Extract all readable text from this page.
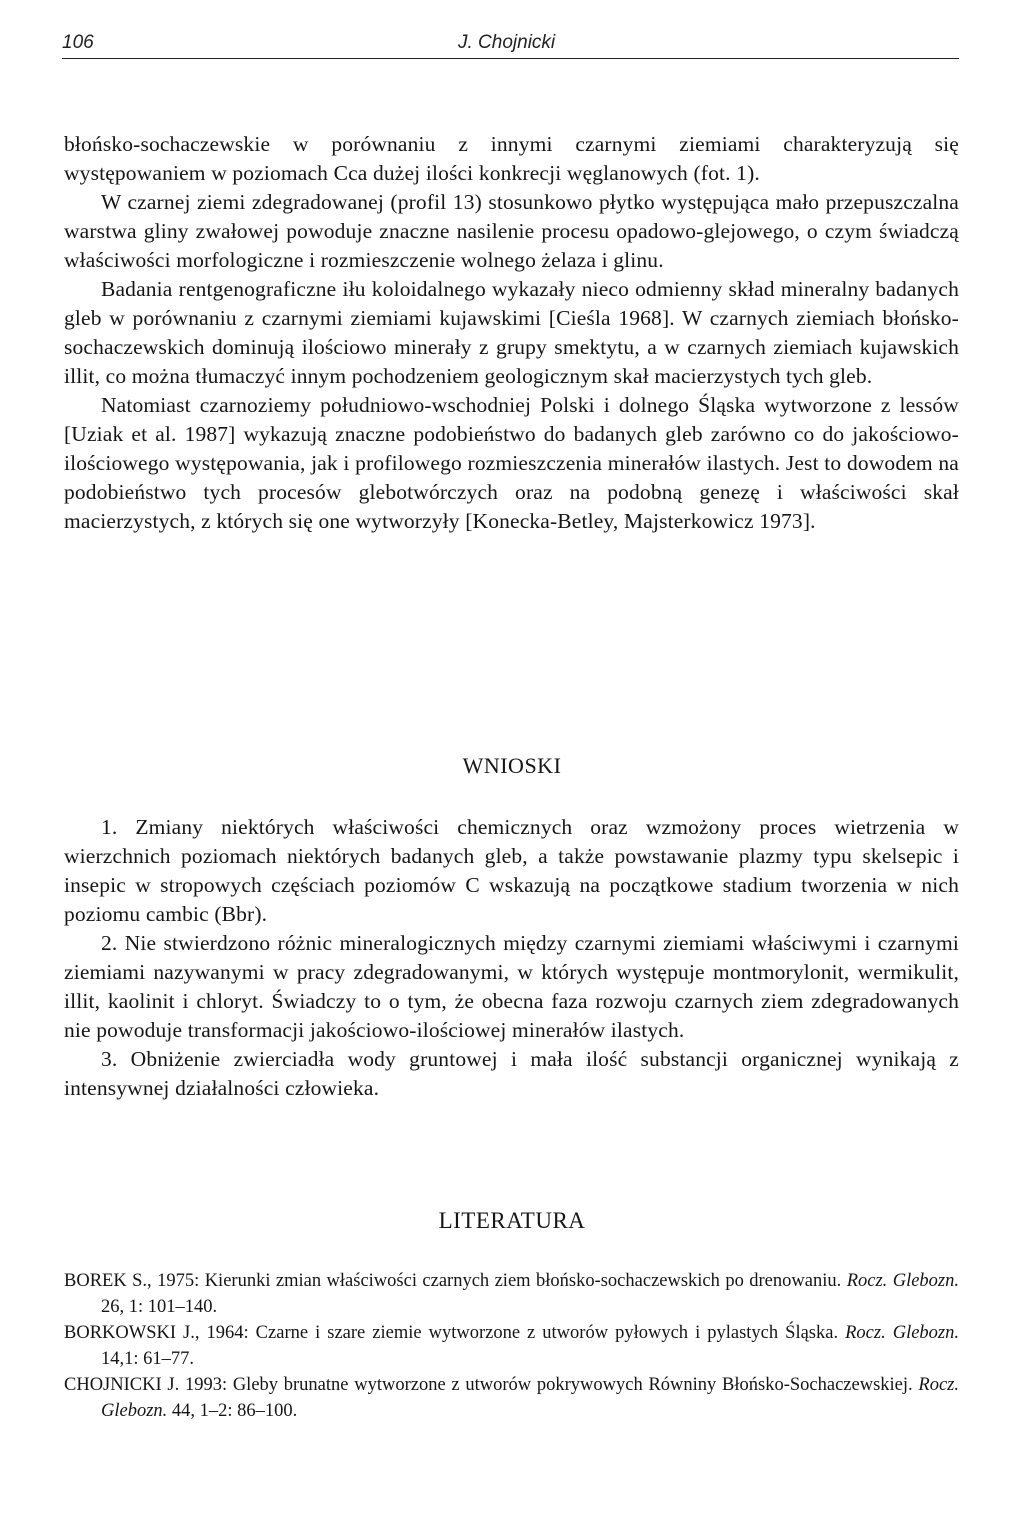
106	J. Chojnicki

błońsko-sochaczewskie w porównaniu z innymi czarnymi ziemiami charakteryzują się występowaniem w poziomach Cca dużej ilości konkrecji węglanowych (fot. 1).

W czarnej ziemi zdegradowanej (profil 13) stosunkowo płytko występująca mało przepuszczalna warstwa gliny zwałowej powoduje znaczne nasilenie procesu opadowo-glejowego, o czym świadczą właściwości morfologiczne i rozmieszczenie wolnego żelaza i glinu.

Badania rentgenograficzne iłu koloidalnego wykazały nieco odmienny skład mineralny badanych gleb w porównaniu z czarnymi ziemiami kujawskimi [Cieśla 1968]. W czarnych ziemiach błońsko-sochaczewskich dominują ilościowo minerały z grupy smektytu, a w czarnych ziemiach kujawskich illit, co można tłumaczyć innym pochodzeniem geologicznym skał macierzystych tych gleb.

Natomiast czarnoziemy południowo-wschodniej Polski i dolnego Śląska wytworzone z lessów [Uziak et al. 1987] wykazują znaczne podobieństwo do badanych gleb zarówno co do jakościowo-ilościowego występowania, jak i profilowego rozmieszczenia minerałów ilastych. Jest to dowodem na podobieństwo tych procesów glebotwórczych oraz na podobną genezę i właściwości skał macierzystych, z których się one wytworzyły [Konecka-Betley, Majsterkowicz 1973].

WNIOSKI

1. Zmiany niektórych właściwości chemicznych oraz wzmożony proces wietrzenia w wierzchnich poziomach niektórych badanych gleb, a także powstawanie plazmy typu skelsepic i insepic w stropowych częściach poziomów C wskazują na początkowe stadium tworzenia w nich poziomu cambic (Bbr).

2. Nie stwierdzono różnic mineralogicznych między czarnymi ziemiami właściwymi i czarnymi ziemiami nazywanymi w pracy zdegradowanymi, w których występuje montmorylonit, wermikulit, illit, kaolinit i chloryt. Świadczy to o tym, że obecna faza rozwoju czarnych ziem zdegradowanych nie powoduje transformacji jakościowo-ilościowej minerałów ilastych.

3. Obniżenie zwierciadła wody gruntowej i mała ilość substancji organicznej wynikają z intensywnej działalności człowieka.

LITERATURA

BOREK S., 1975: Kierunki zmian właściwości czarnych ziem błońsko-sochaczewskich po drenowaniu. Rocz. Glebozn. 26, 1: 101–140.

BORKOWSKI J., 1964: Czarne i szare ziemie wytworzone z utworów pyłowych i pylastych Śląska. Rocz. Glebozn. 14,1: 61–77.

CHOJNICKI J. 1993: Gleby brunatne wytworzone z utworów pokrywowych Równiny Błońsko-Sochaczewskiej. Rocz. Glebozn. 44, 1–2: 86–100.
